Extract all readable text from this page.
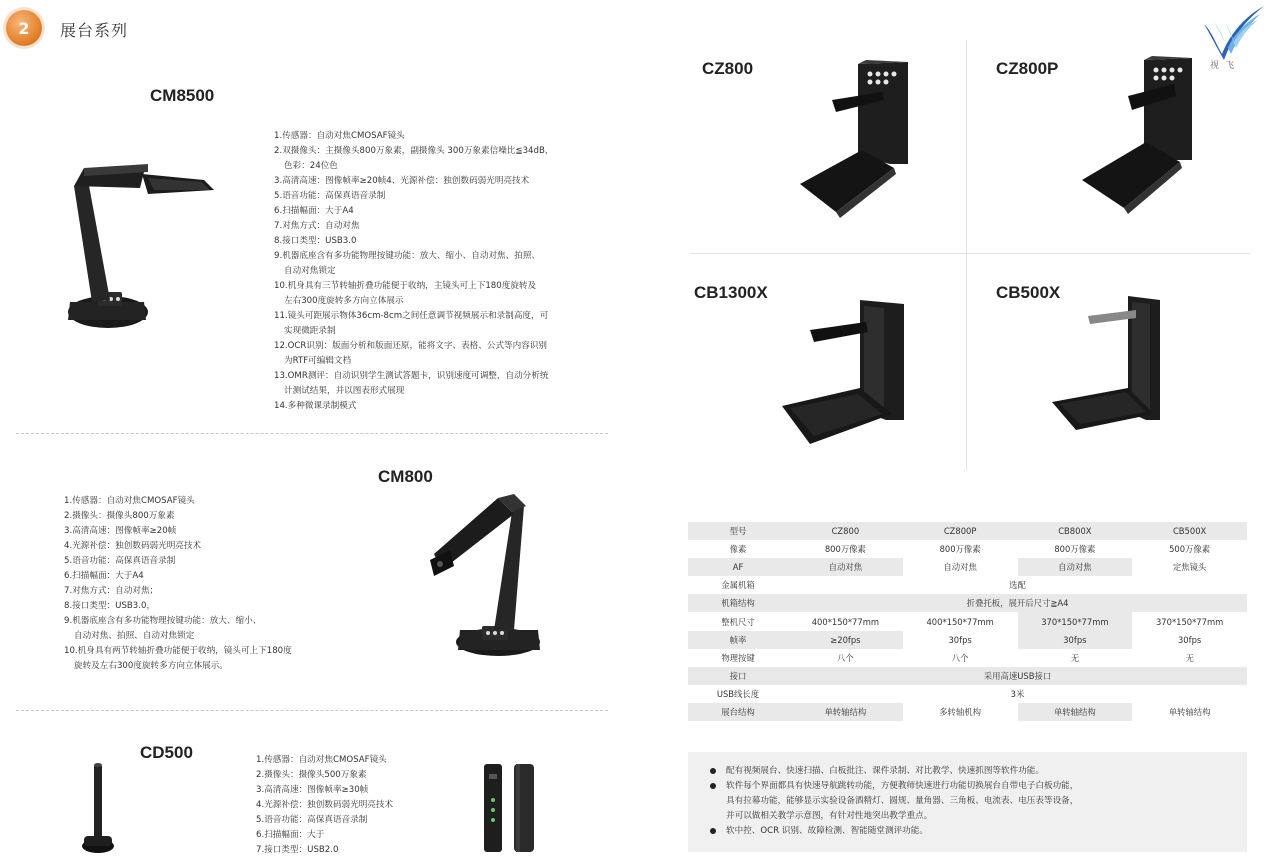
2	展台系列
视飞
CM8500
1.传感器：自动对焦CMOSAF镜头
2.双摄像头：主摄像头800万象素，副摄像头 300万象素信噪比≦34dB，
色彩：24位色
3.高清高速：图像帧率≥20帧4、光源补偿：独创数码弱光明亮技术
5.语音功能：高保真语音录制
6.扫描幅面：大于A4
7.对焦方式：自动对焦
8.接口类型：USB3.0
9.机器底座含有多功能物理按键功能：放大、缩小、自动对焦、拍照、
自动对焦锁定
10.机身具有三节转轴折叠功能便于收纳，主镜头可上下180度旋转及
左右300度旋转多方向立体展示
11.镜头可距展示物体36cm-8cm之间任意调节视频展示和录制高度，可
实现微距录制
12.OCR识别：版面分析和版面还原，能将文字、表格、公式等内容识别
为RTF可编辑文档
13.OMR测评：自动识别学生测试答题卡，识别速度可调整，自动分析统
计测试结果，并以图表形式展现
14.多种微课录制模式
CM800
1.传感器：自动对焦CMOSAF镜头
2.摄像头：摄像头800万象素
3.高清高速：图像帧率≥20帧
4.光源补偿：独创数码弱光明亮技术
5.语音功能：高保真语音录制
6.扫描幅面：大于A4
7.对焦方式：自动对焦；
8.接口类型：USB3.0，
9.机器底座含有多功能物理按键功能：放大、缩小、
自动对焦、拍照、自动对焦锁定
10.机身具有两节转轴折叠功能便于收纳，镜头可上下180度
旋转及左右300度旋转多方向立体展示。
CD500	1.传感器：自动对焦CMOSAF镜头
2.摄像头：摄像头500万象素
3.高清高速：图像帧率≥30帧
4.光源补偿：独创数码弱光明亮技术
5.语音功能：高保真语音录制
6.扫描幅面：大于
7.接口类型：USB2.0
CZ800	CZ800P
CB1300X	CB500X
型号	CZ800	CZ800P	CB800X	CB500X
像素	800万像素	800万像素	800万像素	500万像素
AF	自动对焦	自动对焦	自动对焦	定焦镜头
金属机箱	选配			
机箱结构	折叠托板，展开后尺寸≧A4			
整机尺寸	400*150*77mm	400*150*77mm	370*150*77mm	370*150*77mm
帧率	≥20fps	30fps	30fps	30fps
物理按键	八个	八个	无	无
接口	采用高速USB接口			
USB线长度	3米			
展台结构	单转轴结构	多转轴机构	单转轴结构	单转轴结构
配有视频展台、快速扫描、白板批注、课件录制、对比教学、快速抓图等软件功能。
软件每个界面都具有快速导航跳转功能，方便教师快速进行功能切换展台自带电子白板功能，
具有拉幕功能，能够显示实验设备酒精灯、圆规、量角器、三角板、电流表、电压表等设备，
并可以做相关教学示意图，有针对性地突出教学重点。
软中控、OCR 识别、故障检测、智能随堂测评功能。
